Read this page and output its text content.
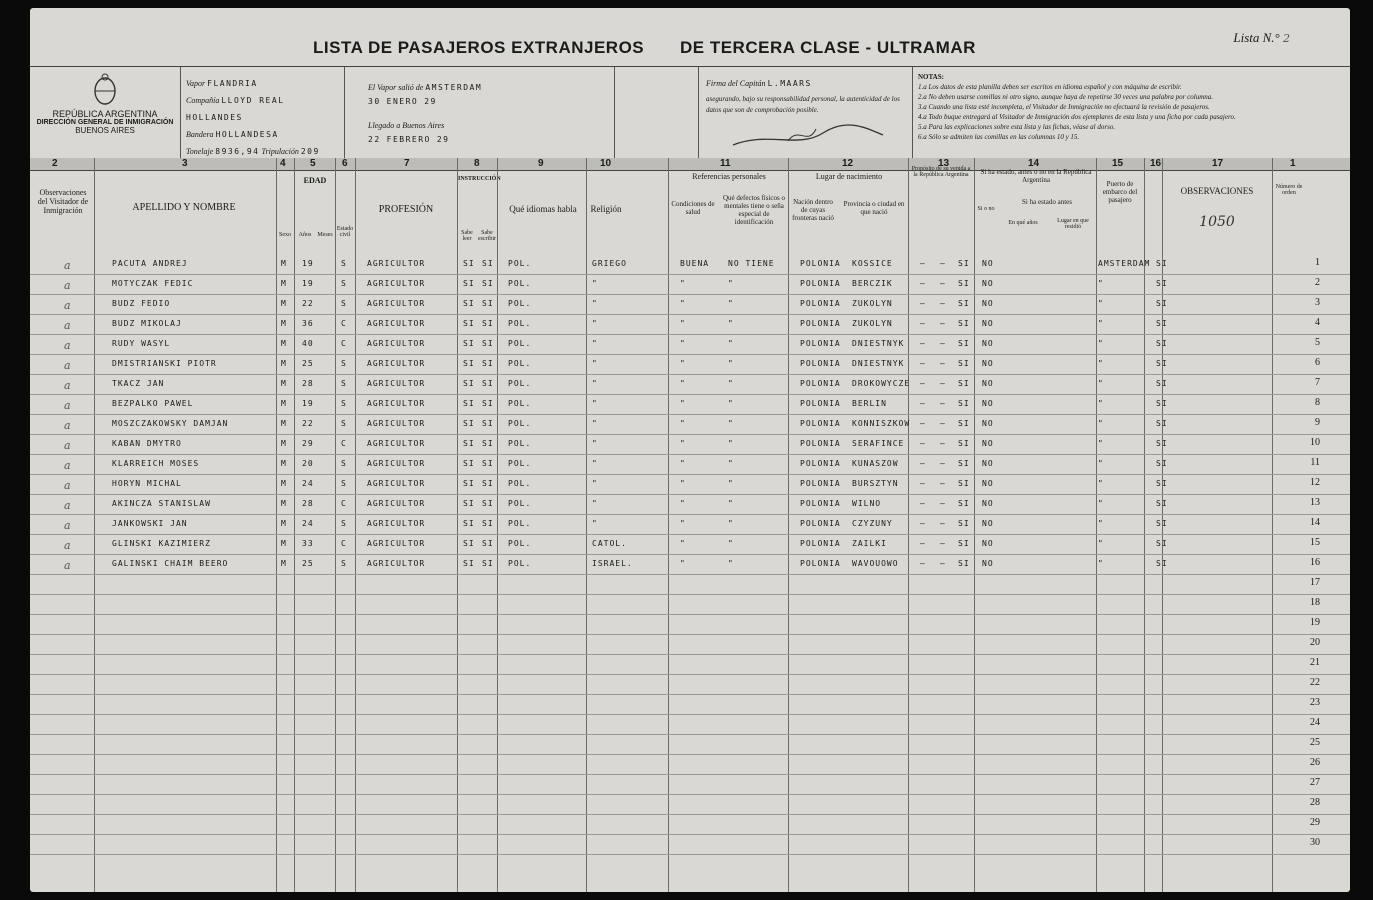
LISTA DE PASAJEROS EXTRANJEROS DE TERCERA CLASE - ULTRAMAR
Lista N.° 2
REPÚBLICA ARGENTINA
DIRECCIÓN GENERAL DE INMIGRACIÓN
BUENOS AIRES
Vapor FLANDRIA
Compañía LLOYD REAL HOLLANDES
Bandera HOLLANDESA
Tonelaje 8936,94 Tripulación 209
El Vapor salió de AMSTERDAM
30 ENERO 29
Llegado a Buenos Aires
22 FEBRERO 29
Firma del Capitán L.MAARS
asegurando, bajo su responsabilidad personal, la autenticidad de los datos que son de comprobación posible.
NOTAS:
1.a Los datos de esta planilla deben ser escritos en idioma español y con máquina de escribir.
2.a No deben usarse comillas ni otro signo, aunque haya de repetirse 30 veces una palabra por columna.
3.a Cuando una lista esté incompleta, el Visitador de Inmigración no efectuará la revisión de pasajeros.
4.a Todo buque entregará al Visitador de Inmigración dos ejemplares de esta lista y una ficha por cada pasajero.
5.a Para las explicaciones sobre esta lista y las fichas, véase al dorso.
6.a Sólo se admiten las comillas en las columnas 10 y 15.
2	3	4 5	6	7	8	9	10	11	12	13	14	15	16	17	1
Observaciones del Visitador de Inmigración	APELLIDO Y NOMBRE
Sexo
EDAD
Años	Meses
Estado civil
PROFESIÓN
INSTRUCCIÓN
Sabe leer
Sabe escribir
Qué idiomas habla	Religión
Referencias personales
Condiciones de salud
Qué defectos físicos o mentales tiene o seña especial de identificación
Lugar de nacimiento
Nación dentro de cuyas fronteras nació
Provincia o ciudad en que nació
Propósito de su venida a la República Argentina	Si ha estado, antes o no en la República Argentina
Si o no
Si ha estado antes
En qué años	Lugar en que residió
Puerto de embarco del pasajero
OBSERVACIONES
1050
Número de orden
a	PACUTA ANDREJ	M 19	S	AGRICULTOR	SI SI POL.	GRIEGO	BUENA NO TIENE	POLONIA KOSSICE	– – SI NO	AMSTERDAM SI	1
a	MOTYCZAK FEDIC	M 19	S	AGRICULTOR	SI SI POL.	"	"	"	POLONIA BERCZIK	– – SI NO	"	SI	2
a	BUDZ FEDIO	M 22	S	AGRICULTOR	SI SI POL.	"	"	"	POLONIA ZUKOLYN	– – SI NO	"	SI	3
a	BUDZ MIKOLAJ	M 36	C	AGRICULTOR	SI SI POL.	"	"	"	POLONIA ZUKOLYN	– – SI NO	"	SI	4
a	RUDY WASYL	M 40	C	AGRICULTOR	SI SI POL.	"	"	"	POLONIA DNIESTNYK – – SI NO	"	SI	5
a	DMISTRIANSKI PIOTR	M 25	S	AGRICULTOR	SI SI POL.	"	"	"	POLONIA DNIESTNYK – – SI NO	"	SI	6
a	TKACZ JAN	M 28	S	AGRICULTOR	SI SI POL.	"	"	"	POLONIA DROKOWYCZE – – SI NO	"	SI	7
a	BEZPALKO PAWEL	M 19	S	AGRICULTOR	SI SI POL.	"	"	"	POLONIA BERLIN	– – SI NO	"	SI	8
a	MOSZCZAKOWSKY DAMJAN	M 22	S	AGRICULTOR	SI SI POL.	"	"	"	POLONIA KONNISZKOW – – SI NO	"	SI	9
a	KABAN DMYTRO	M 29	C	AGRICULTOR	SI SI POL.	"	"	"	POLONIA SERAFINCE – – SI NO	"	SI	10
a	KLARREICH MOSES	M 20	S	AGRICULTOR	SI SI POL.	"	"	"	POLONIA KUNASZOW	– – SI NO	"	SI	11
a	HORYN MICHAL	M 24	S	AGRICULTOR	SI SI POL.	"	"	"	POLONIA BURSZTYN	– – SI NO	"	SI	12
a	AKINCZA STANISLAW	M 28	C	AGRICULTOR	SI SI POL.	"	"	"	POLONIA WILNO	– – SI NO	"	SI	13
a	JANKOWSKI JAN	M 24	S	AGRICULTOR	SI SI POL.	"	"	"	POLONIA CZYZUNY	– – SI NO	"	SI	14
a	GLINSKI KAZIMIERZ	M 33	C	AGRICULTOR	SI SI POL.	CATOL.	"	"	POLONIA ZAILKI	– – SI NO	"	SI	15
a	GALINSKI CHAIM BEERO	M 25	S	AGRICULTOR	SI SI POL.	ISRAEL.	"	"	POLONIA WAVOUOWO	– – SI NO	"	SI	16
17
18
19
20
21
22
23
24
25
26
27
28
29
30
